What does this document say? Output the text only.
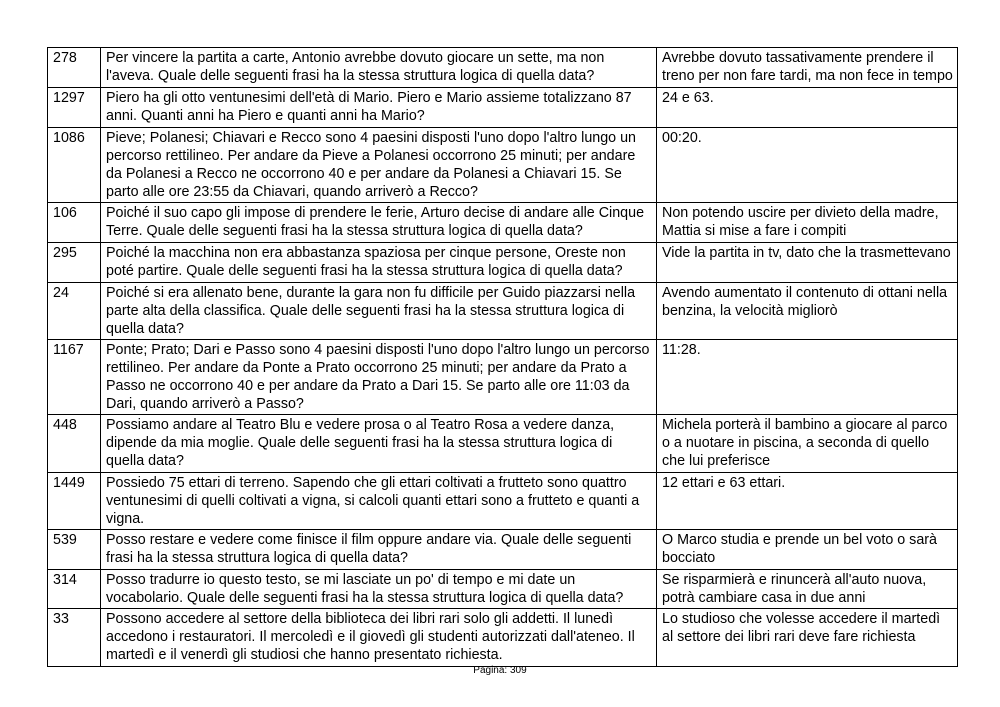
278	Per vincere la partita a carte, Antonio avrebbe dovuto giocare un sette, ma non l'aveva. Quale delle seguenti frasi ha la stessa struttura logica di quella data?	Avrebbe dovuto tassativamente prendere il treno per non fare tardi, ma non fece in tempo
1297	Piero ha gli otto ventunesimi dell'età di Mario. Piero e Mario assieme totalizzano 87 anni. Quanti anni ha Piero e quanti anni ha Mario?	24 e 63.
1086	Pieve; Polanesi; Chiavari e Recco sono 4 paesini disposti l'uno dopo l'altro lungo un percorso rettilineo. Per andare da Pieve a Polanesi occorrono 25 minuti; per andare da Polanesi a Recco ne occorrono 40 e per andare da Polanesi a Chiavari 15. Se parto alle ore 23:55 da Chiavari, quando arriverò a Recco?	00:20.
106	Poiché il suo capo gli impose di prendere le ferie, Arturo decise di andare alle Cinque Terre. Quale delle seguenti frasi ha la stessa struttura logica di quella data?	Non potendo uscire per divieto della madre, Mattia si mise a fare i compiti
295	Poiché la macchina non era abbastanza spaziosa per cinque persone, Oreste non poté partire. Quale delle seguenti frasi ha la stessa struttura logica di quella data?	Vide la partita in tv, dato che la trasmettevano
24	Poiché si era allenato bene, durante la gara non fu difficile per Guido piazzarsi nella parte alta della classifica. Quale delle seguenti frasi ha la stessa struttura logica di quella data?	Avendo aumentato il contenuto di ottani nella benzina, la velocità migliorò
1167	Ponte; Prato; Dari e Passo sono 4 paesini disposti l'uno dopo l'altro lungo un percorso rettilineo. Per andare da Ponte a Prato occorrono 25 minuti; per andare da Prato a Passo ne occorrono 40 e per andare da Prato a Dari 15. Se parto alle ore 11:03 da Dari, quando arriverò a Passo?	11:28.
448	Possiamo andare al Teatro Blu e vedere prosa o al Teatro Rosa a vedere danza, dipende da mia moglie. Quale delle seguenti frasi ha la stessa struttura logica di quella data?	Michela porterà il bambino a giocare al parco o a nuotare in piscina, a seconda di quello che lui preferisce
1449	Possiedo 75 ettari di terreno. Sapendo che gli ettari coltivati a frutteto sono quattro ventunesimi di quelli coltivati a vigna, si calcoli quanti ettari sono a frutteto e quanti a vigna.	12 ettari e 63 ettari.
539	Posso restare e vedere come finisce il film oppure andare via. Quale delle seguenti frasi ha la stessa struttura logica di quella data?	O Marco studia e prende un bel voto o sarà bocciato
314	Posso tradurre io questo testo, se mi lasciate un po' di tempo e mi date un vocabolario. Quale delle seguenti frasi ha la stessa struttura logica di quella data?	Se risparmierà e rinuncerà all'auto nuova, potrà cambiare casa in due anni
33	Possono accedere al settore della biblioteca dei libri rari solo gli addetti. Il lunedì accedono i restauratori. Il mercoledì e il giovedì gli studenti autorizzati dall'ateneo. Il martedì e il venerdì gli studiosi che hanno presentato richiesta.	Lo studioso che volesse accedere il martedì al settore dei libri rari deve fare richiesta
Pagina: 309
